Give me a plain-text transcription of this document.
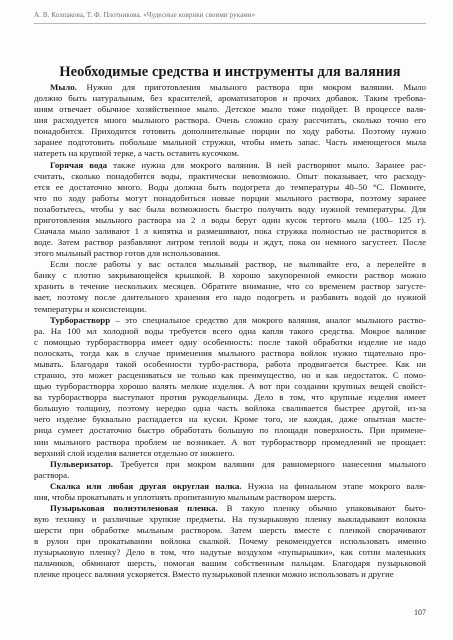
А. В. Колпакова, Т. Ф. Плотникова. «Чудесные коврики своими руками»
Необходимые средства и инструменты для валяния
Мыло. Нужно для приготовления мыльного раствора при мокром валянии. Мыло
должно быть натуральным, без красителей, ароматизаторов и прочих добавок. Таким требова-
ниям отвечает обычное хозяйственное мыло. Детское мыло тоже подойдет. В процессе валя-
ния расходуется много мыльного раствора. Очень сложно сразу рассчитать, сколько точно его
понадобится. Приходится готовить дополнительные порции по ходу работы. Поэтому нужно
заранее подготовить побольше мыльной стружки, чтобы иметь запас. Часть имеющегося мыла
натереть на крупной терке, а часть оставить кусочком.
Горячая вода также нужна для мокрого валяния. В ней растворяют мыло. Заранее рас-
считать, сколько понадобится воды, практически невозможно. Опыт показывает, что расходу-
ется ее достаточно много. Воды должна быть подогрета до температуры 40–50 °С. Помните,
что по ходу работы могут понадобиться новые порции мыльного раствора, поэтому заранее
позаботьтесь, чтобы у вас была возможность быстро получить воду нужной температуры. Для
приготовления мыльного раствора на 2 л воды берут один кусок тертого мыла (100– 125 г).
Сначала мыло заливают 1 л кипятка и размешивают, пока стружка полностью не растворится в
воде. Затем раствор разбавляют литром теплой воды и ждут, пока он немного загустеет. После
этого мыльный раствор готов для использования.
Если после работы у вас остался мыльный раствор, не выливайте его, а перелейте в
банку с плотно закрывающейся крышкой. В хорошо закупоренной емкости раствор можно
хранить в течение нескольких месяцев. Обратите внимание, что со временем раствор загусте-
вает, поэтому после длительного хранения его надо подогреть и разбавить водой до нужной
температуры и консистенции.
Турборастворр – это специальное средство для мокрого валяния, аналог мыльного раство-
ра. На 100 мл холодной воды требуется всего одна капля такого средства. Мокрое валяние
с помощью турборастворра имеет одну особенность: после такой обработки изделие не надо
полоскать, тогда как в случае применения мыльного раствора войлок нужно тщательно про-
мывать. Благодаря такой особенности турбо-раствора, работа продвигается быстрее. Как ни
странно, это может расцениваться не только как преимущество, но и как недостаток. С помо-
щью турборастворра хорошо валять мелкие изделия. А вот при создании крупных вещей свойст-
ва турборастворра выступают против рукодельницы. Дело в том, что крупные изделия имеет
большую толщину, поэтому нередко одна часть войлока сваливается быстрее другой, из-за
чего изделие буквально распадается на куски. Кроме того, не каждая, даже опытная масте-
рица сумеет достаточно быстро обработать большую по площади поверхность. При примене-
нии мыльного раствора проблем не возникает. А вот турборастворр промедлений не прощает:
верхний слой изделия валяется отдельно от нижнего.
Пульверизатор. Требуется при мокром валянии для равномерного нанесения мыльного
раствора.
Скалка или любая другая округлая палка. Нужна на финальном этапе мокрого валя-
ния, чтобы прокатывать и уплотнять пропитанную мыльным раствором шерсть.
Пузырьковая полиэтиленовая пленка. В такую пленку обычно упаковывают быто-
вую технику и различные хрупкие предметы. На пузырьковую пленку выкладывают волокна
шерсти при обработке мыльным раствором. Затем шерсть вместе с пленкой сворачивают
в рулон при прокатывании войлока скалкой. Почему рекомендуется использовать именно
пузырьковую пленку? Дело в том, что надутые воздухом «пупырышки», как сотни маленьких
пальчиков, обминают шерсть, помогая вашим собственным пальцам. Благодаря пузырьковой
пленке процесс валяния ускоряется. Вместо пузырьковой пленки можно использовать и другие
107
